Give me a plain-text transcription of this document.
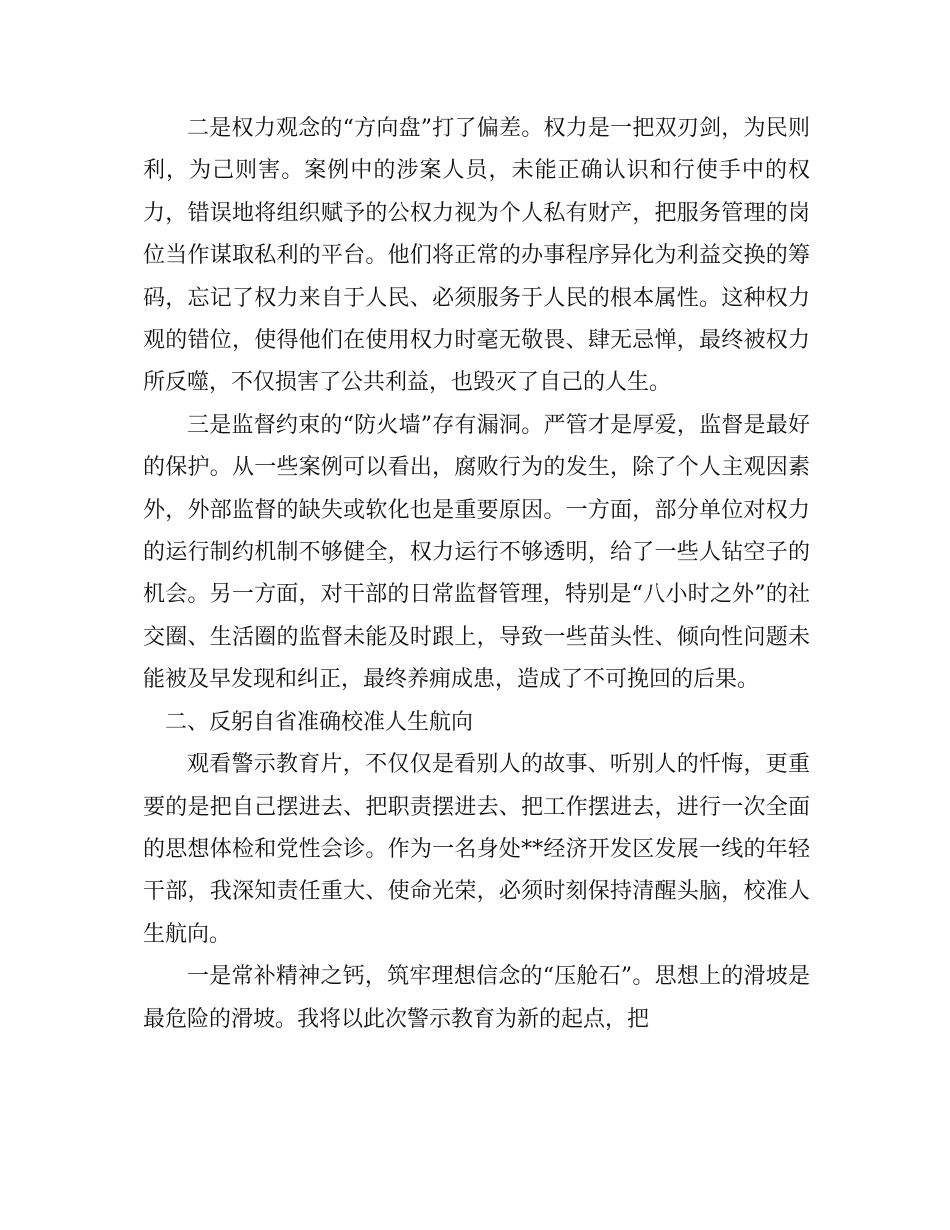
二是权力观念的“方向盘”打了偏差。权力是一把双刃剑，为民则利，为己则害。案例中的涉案人员，未能正确认识和行使手中的权力，错误地将组织赋予的公权力视为个人私有财产，把服务管理的岗位当作谋取私利的平台。他们将正常的办事程序异化为利益交换的筹码，忘记了权力来自于人民、必须服务于人民的根本属性。这种权力观的错位，使得他们在使用权力时毫无敬畏、肆无忌惮，最终被权力所反噬，不仅损害了公共利益，也毁灭了自己的人生。

三是监督约束的“防火墙”存有漏洞。严管才是厚爱，监督是最好的保护。从一些案例可以看出，腐败行为的发生，除了个人主观因素外，外部监督的缺失或软化也是重要原因。一方面，部分单位对权力的运行制约机制不够健全，权力运行不够透明，给了一些人钻空子的机会。另一方面，对干部的日常监督管理，特别是“八小时之外”的社交圈、生活圈的监督未能及时跟上，导致一些苗头性、倾向性问题未能被及早发现和纠正，最终养痈成患，造成了不可挽回的后果。

二、反躬自省准确校准人生航向

观看警示教育片，不仅仅是看别人的故事、听别人的忏悔，更重要的是把自己摆进去、把职责摆进去、把工作摆进去，进行一次全面的思想体检和党性会诊。作为一名身处**经济开发区发展一线的年轻干部，我深知责任重大、使命光荣，必须时刻保持清醒头脑，校准人生航向。

一是常补精神之钙，筑牢理想信念的“压舱石”。思想上的滑坡是最危险的滑坡。我将以此次警示教育为新的起点，把
